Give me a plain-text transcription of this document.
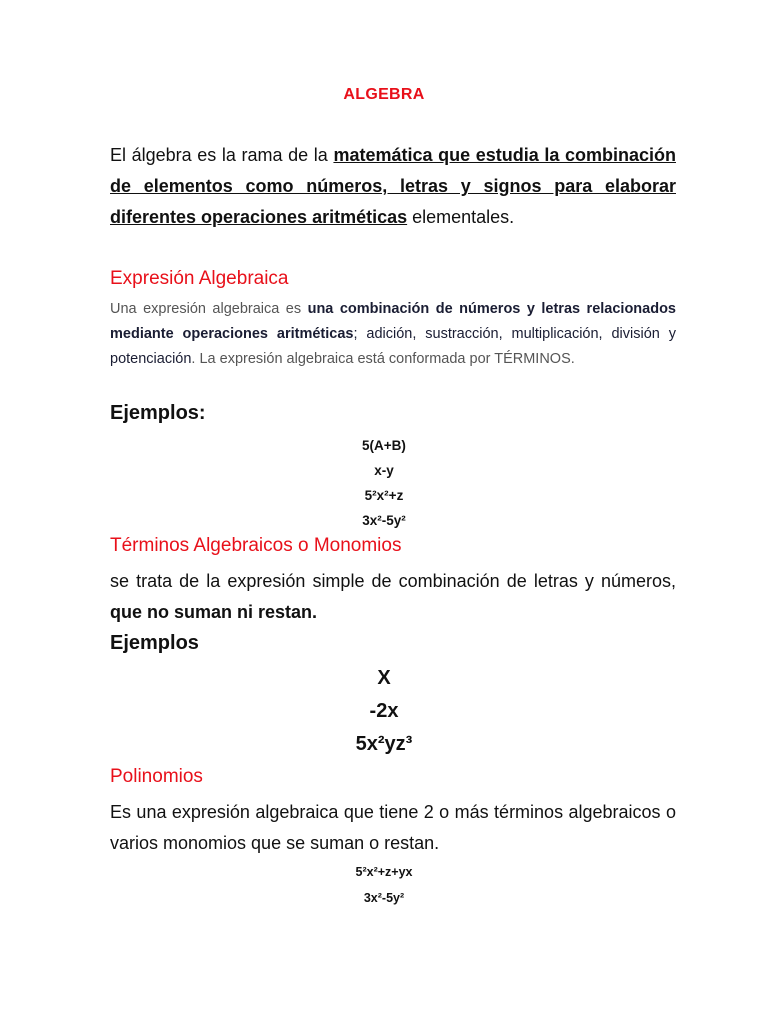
ALGEBRA
El álgebra es la rama de la matemática que estudia la combinación de elementos como números, letras y signos para elaborar diferentes operaciones aritméticas elementales.
Expresión Algebraica
Una expresión algebraica es una combinación de números y letras relacionados mediante operaciones aritméticas; adición, sustracción, multiplicación, división y potenciación. La expresión algebraica está conformada por TÉRMINOS.
Ejemplos:
5(A+B)
x-y
5²x²+z
3x²-5y²
Términos Algebraicos o Monomios
se trata de la expresión simple de combinación de letras y números, que no suman ni restan.
Ejemplos
X
-2x
5x²yz³
Polinomios
Es una expresión algebraica que tiene 2 o más términos algebraicos o varios monomios que se suman o restan.
5²x²+z+yx
3x²-5y²
